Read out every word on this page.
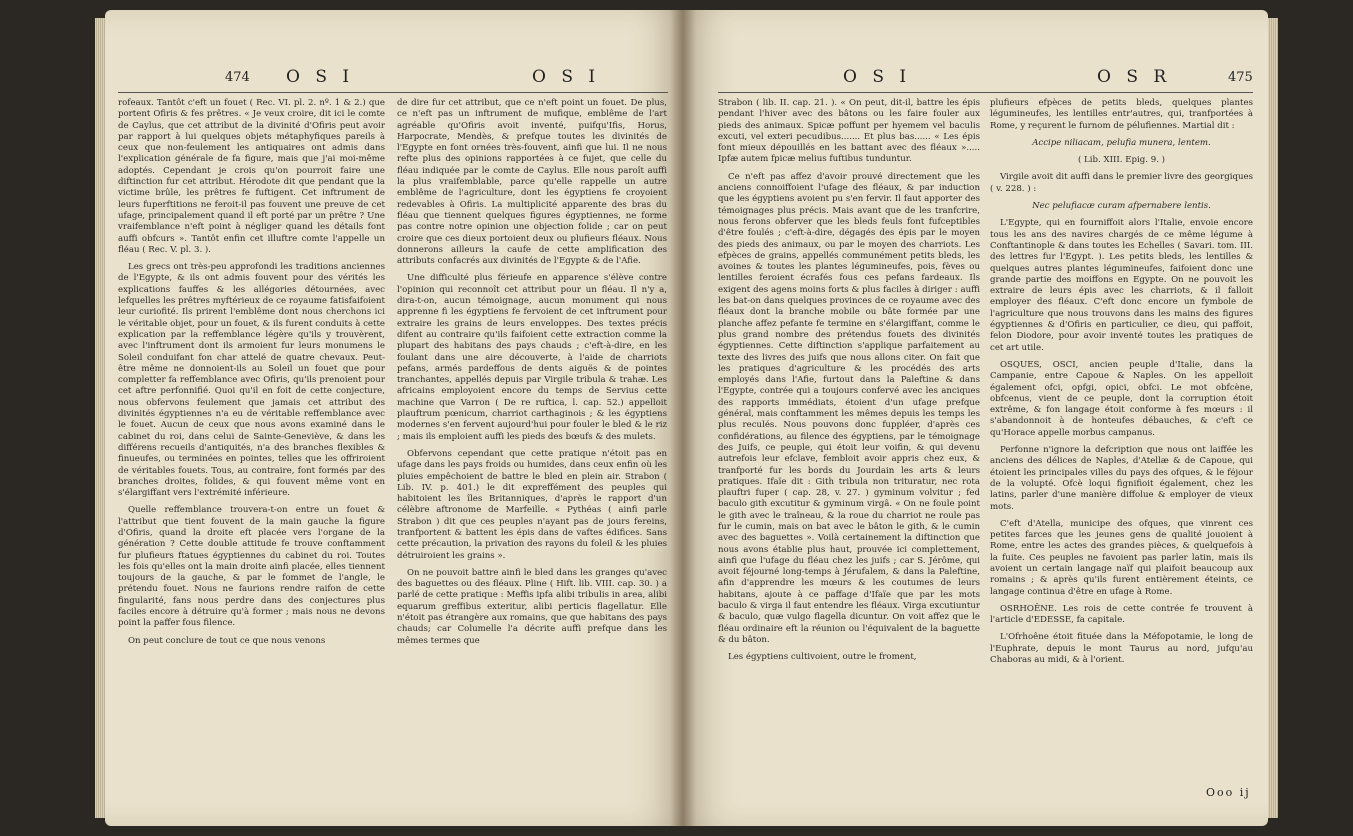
474 O S I	O S I

rofeaux. Tantôt c'eft un fouet ( Rec. VI. pl. 2. nº. 1 & 2.) que portent Ofiris & fes prêtres. « Je veux croire, dit ici le comte de Caylus, que cet attribut de la divinité d'Ofiris peut avoir par rapport à lui quelques objets métaphyfiques pareils à ceux que non-feulement les antiquaires ont admis dans l'explication générale de fa figure, mais que j'ai moi-même adoptés. Cependant je crois qu'on pourroit faire une diftinction fur cet attribut. Hérodote dit que pendant que la victime brûle, les prêtres fe fuftigent. Cet inftrument de leurs fuperftitions ne feroit-il pas fouvent une preuve de cet ufage, principalement quand il eft porté par un prêtre ? Une vraifemblance n'eft point à négliger quand les détails font auffi obfcurs ». Tantôt enfin cet illuftre comte l'appelle un fléau ( Rec. V. pl. 3. ).

Les grecs ont très-peu approfondi les traditions anciennes de l'Egypte, & ils ont admis fouvent pour des vérités les explications fauffes & les allégories détournées, avec lefquelles les prêtres myftérieux de ce royaume fatisfaifoient leur curiofité. Ils prirent l'emblême dont nous cherchons ici le véritable objet, pour un fouet, & ils furent conduits à cette explication par la reffemblance légère qu'ils y trouvèrent, avec l'inftrument dont ils armoient fur leurs monumens le Soleil conduifant fon char attelé de quatre chevaux. Peut-être même ne donnoient-ils au Soleil un fouet que pour completter fa reffemblance avec Ofiris, qu'ils prenoient pour cet aftre perfonnifié. Quoi qu'il en foit de cette conjecture, nous obfervons feulement que jamais cet attribut des divinités égyptiennes n'a eu de véritable reffemblance avec le fouet. Aucun de ceux que nous avons examiné dans le cabinet du roi, dans celui de Sainte-Geneviève, & dans les différens recueils d'antiquités, n'a des branches flexibles & finueufes, ou terminées en pointes, telles que les offriroient de véritables fouets. Tous, au contraire, font formés par des branches droites, folides, & qui fouvent même vont en s'élargiffant vers l'extrémité inférieure.

Quelle reffemblance trouvera-t-on entre un fouet & l'attribut que tient fouvent de la main gauche la figure d'Ofiris, quand la droite eft placée vers l'organe de la génération ? Cette double attitude fe trouve conftamment fur plufieurs ftatues égyptiennes du cabinet du roi. Toutes les fois qu'elles ont la main droite ainfi placée, elles tiennent toujours de la gauche, & par le fommet de l'angle, le prétendu fouet. Nous ne faurions rendre raifon de cette fingularité, fans nous perdre dans des conjectures plus faciles encore à détruire qu'à former ; mais nous ne devons point la paffer fous filence.

On peut conclure de tout ce que nous venons

de dire fur cet attribut, que ce n'eft point un fouet. De plus, ce n'eft pas un inftrument de mufique, emblême de l'art agréable qu'Ofiris avoit inventé, puifqu'Ifis, Horus, Harpocrate, Mendès, & prefque toutes les divinités de l'Egypte en font ornées très-fouvent, ainfi que lui. Il ne nous refte plus des opinions rapportées à ce fujet, que celle du fléau indiquée par le comte de Caylus. Elle nous paroît auffi la plus vraifemblable, parce qu'elle rappelle un autre emblême de l'agriculture, dont les égyptiens fe croyoient redevables à Ofiris. La multiplicité apparente des bras du fléau que tiennent quelques figures égyptiennes, ne forme pas contre notre opinion une objection folide ; car on peut croire que ces dieux portoient deux ou plufieurs fléaux. Nous donnerons ailleurs la caufe de cette amplification des attributs confacrés aux divinités de l'Egypte & de l'Afie.

Une difficulté plus férieufe en apparence s'élève contre l'opinion qui reconnoît cet attribut pour un fléau. Il n'y a, dira-t-on, aucun témoignage, aucun monument qui nous apprenne fi les égyptiens fe fervoient de cet inftrument pour extraire les grains de leurs enveloppes. Des textes précis difent au contraire qu'ils faifoient cette extraction comme la plupart des habitans des pays chauds ; c'eft-à-dire, en les foulant dans une aire découverte, à l'aide de charriots pefans, armés pardeffous de dents aiguës & de pointes tranchantes, appellés depuis par Virgile tribula & trahæ. Les africains employoient encore du temps de Servius cette machine que Varron ( De re ruftica, l. cap. 52.) appelloit plauftrum pœnicum, charriot carthaginois ; & les égyptiens modernes s'en fervent aujourd'hui pour fouler le bled & le riz ; mais ils emploient auffi les pieds des bœufs & des mulets.

Obfervons cependant que cette pratique n'étoit pas en ufage dans les pays froids ou humides, dans ceux enfin où les pluies empêchoient de battre le bled en plein air. Strabon ( Lib. IV. p. 401.) le dit expreffément des peuples qui habitoient les îles Britanniques, d'après le rapport d'un célèbre aftronome de Marfeille. « Pythéas ( ainfi parle Strabon ) dit que ces peuples n'ayant pas de jours fereins, tranfportent & battent les épis dans de vaftes édifices. Sans cette précaution, la privation des rayons du foleil & les pluies détruiroient les grains ».

On ne pouvoit battre ainfi le bled dans les granges qu'avec des baguettes ou des fléaux. Pline ( Hift. lib. VIII. cap. 30. ) a parlé de cette pratique : Meffis ipfa alibi tribulis in area, alibi equarum greffibus exteritur, alibi perticis flagellatur. Elle n'étoit pas étrangère aux romains, que que habitans des pays chauds; car Columelle l'a décrite auffi prefque dans les mêmes termes que

O S I	O S R	475

Strabon ( lib. II. cap. 21. ). « On peut, dit-il, battre les épis pendant l'hiver avec des bâtons ou les faire fouler aux pieds des animaux. Spicæ poffunt per hyemem vel baculis excuti, vel exteri pecudibus....... Et plus bas...... « Les épis font mieux dépouillés en les battant avec des fléaux »..... Ipfæ autem fpicæ melius fuftibus tunduntur.

Ce n'eft pas affez d'avoir prouvé directement que les anciens connoiffoient l'ufage des fléaux, & par induction que les égyptiens avoient pu s'en fervir. Il faut apporter des témoignages plus précis. Mais avant que de les tranfcrire, nous ferons obferver que les bleds feuls font fufceptibles d'être foulés ; c'eft-à-dire, dégagés des épis par le moyen des pieds des animaux, ou par le moyen des charriots. Les efpèces de grains, appellés communément petits bleds, les avoines & toutes les plantes légumineufes, pois, fèves ou lentilles feroient écrafés fous ces pefans fardeaux. Ils exigent des agens moins forts & plus faciles à diriger : auffi les bat-on dans quelques provinces de ce royaume avec des fléaux dont la branche mobile ou bâte formée par une planche affez pefante fe termine en s'élargiffant, comme le plus grand nombre des prétendus fouets des divinités égyptiennes. Cette diftinction s'applique parfaitement au texte des livres des juifs que nous allons citer. On fait que les pratiques d'agriculture & les procédés des arts employés dans l'Afie, furtout dans la Paleftine & dans l'Egypte, contrée qui a toujours confervé avec les anciques des rapports immédiats, étoient d'un ufage prefque général, mais conftamment les mêmes depuis les temps les plus reculés. Nous pouvons donc fuppléer, d'après ces confidérations, au filence des égyptiens, par le témoignage des Juifs, ce peuple, qui étoit leur voifin, & qui devenu autrefois leur efclave, fembloit avoir appris chez eux, & tranfporté fur les bords du Jourdain les arts & leurs pratiques. Ifaïe dit : Gith tribula non trituratur, nec rota plauftri fuper ( cap. 28, v. 27. ) gyminum volvitur ; fed baculo gith excutitur & gyminum virgâ. « On ne foule point le gith avec le traîneau, & la roue du charriot ne roule pas fur le cumin, mais on bat avec le bâton le gith, & le cumin avec des baguettes ». Voilà certainement la diftinction que nous avons établie plus haut, prouvée ici complettement, ainfi que l'ufage du fléau chez les juifs ; car S. Jérôme, qui avoit féjourné long-temps à Jérufalem, & dans la Paleftine, afin d'apprendre les mœurs & les coutumes de leurs habitans, ajoute à ce paffage d'Ifaïe que par les mots baculo & virga il faut entendre les fléaux. Virga excutiuntur & baculo, quæ vulgo flagella dicuntur. On voit affez que le fléau ordinaire eft la réunion ou l'équivalent de la baguette & du bâton.

Les égyptiens cultivoient, outre le froment,

plufieurs efpèces de petits bleds, quelques plantes légumineufes, les lentilles entr'autres, qui, tranfportées à Rome, y reçurent le furnom de pélufiennes. Martial dit :

Accipe niliacam, pelufia munera, lentem.

( Lib. XIII. Epig. 9. )

Virgile avoit dit auffi dans le premier livre des georgiques ( v. 228. ) :

Nec pelufiacæ curam afpernabere lentis.

L'Egypte, qui en fourniffoit alors l'Italie, envoie encore tous les ans des navires chargés de ce même légume à Conftantinople & dans toutes les Echelles ( Savari. tom. III. des lettres fur l'Egypt. ). Les petits bleds, les lentilles & quelques autres plantes légumineufes, faifoient donc une grande partie des moiffons en Egypte. On ne pouvoit les extraire de leurs épis avec les charriots, & il falloit employer des fléaux. C'eft donc encore un fymbole de l'agriculture que nous trouvons dans les mains des figures égyptiennes & d'Ofiris en particulier, ce dieu, qui paffoit, felon Diodore, pour avoir inventé toutes les pratiques de cet art utile.

OSQUES, OSCI, ancien peuple d'Italie, dans la Campanie, entre Capoue & Naples. On les appelloit également ofci, opfgi, opici, obfci. Le mot obfcène, obfcenus, vient de ce peuple, dont la corruption étoit extrême, & fon langage étoit conforme à fes mœurs : il s'abandonnoit à de honteufes débauches, & c'eft ce qu'Horace appelle morbus campanus.

Perfonne n'ignore la defcription que nous ont laiffée les anciens des délices de Naples, d'Atellæ & de Capoue, qui étoient les principales villes du pays des ofques, & le féjour de la volupté. Ofcè loqui fignifioit également, chez les latins, parler d'une manière diffolue & employer de vieux mots.

C'eft d'Atella, municipe des ofques, que vinrent ces petites farces que les jeunes gens de qualité jouoient à Rome, entre les actes des grandes pièces, & quelquefois à la fuite. Ces peuples ne favoient pas parler latin, mais ils avoient un certain langage naïf qui plaifoit beaucoup aux romains ; & après qu'ils furent entièrement éteints, ce langage continua d'être en ufage à Rome.

OSRHOÊNE. Les rois de cette contrée fe trouvent à l'article d'EDESSE, fa capitale.

L'Ofrhoêne étoit fituée dans la Méfopotamie, le long de l'Euphrate, depuis le mont Taurus au nord, jufqu'au Chaboras au midi, & à l'orient.

Ooo ij
